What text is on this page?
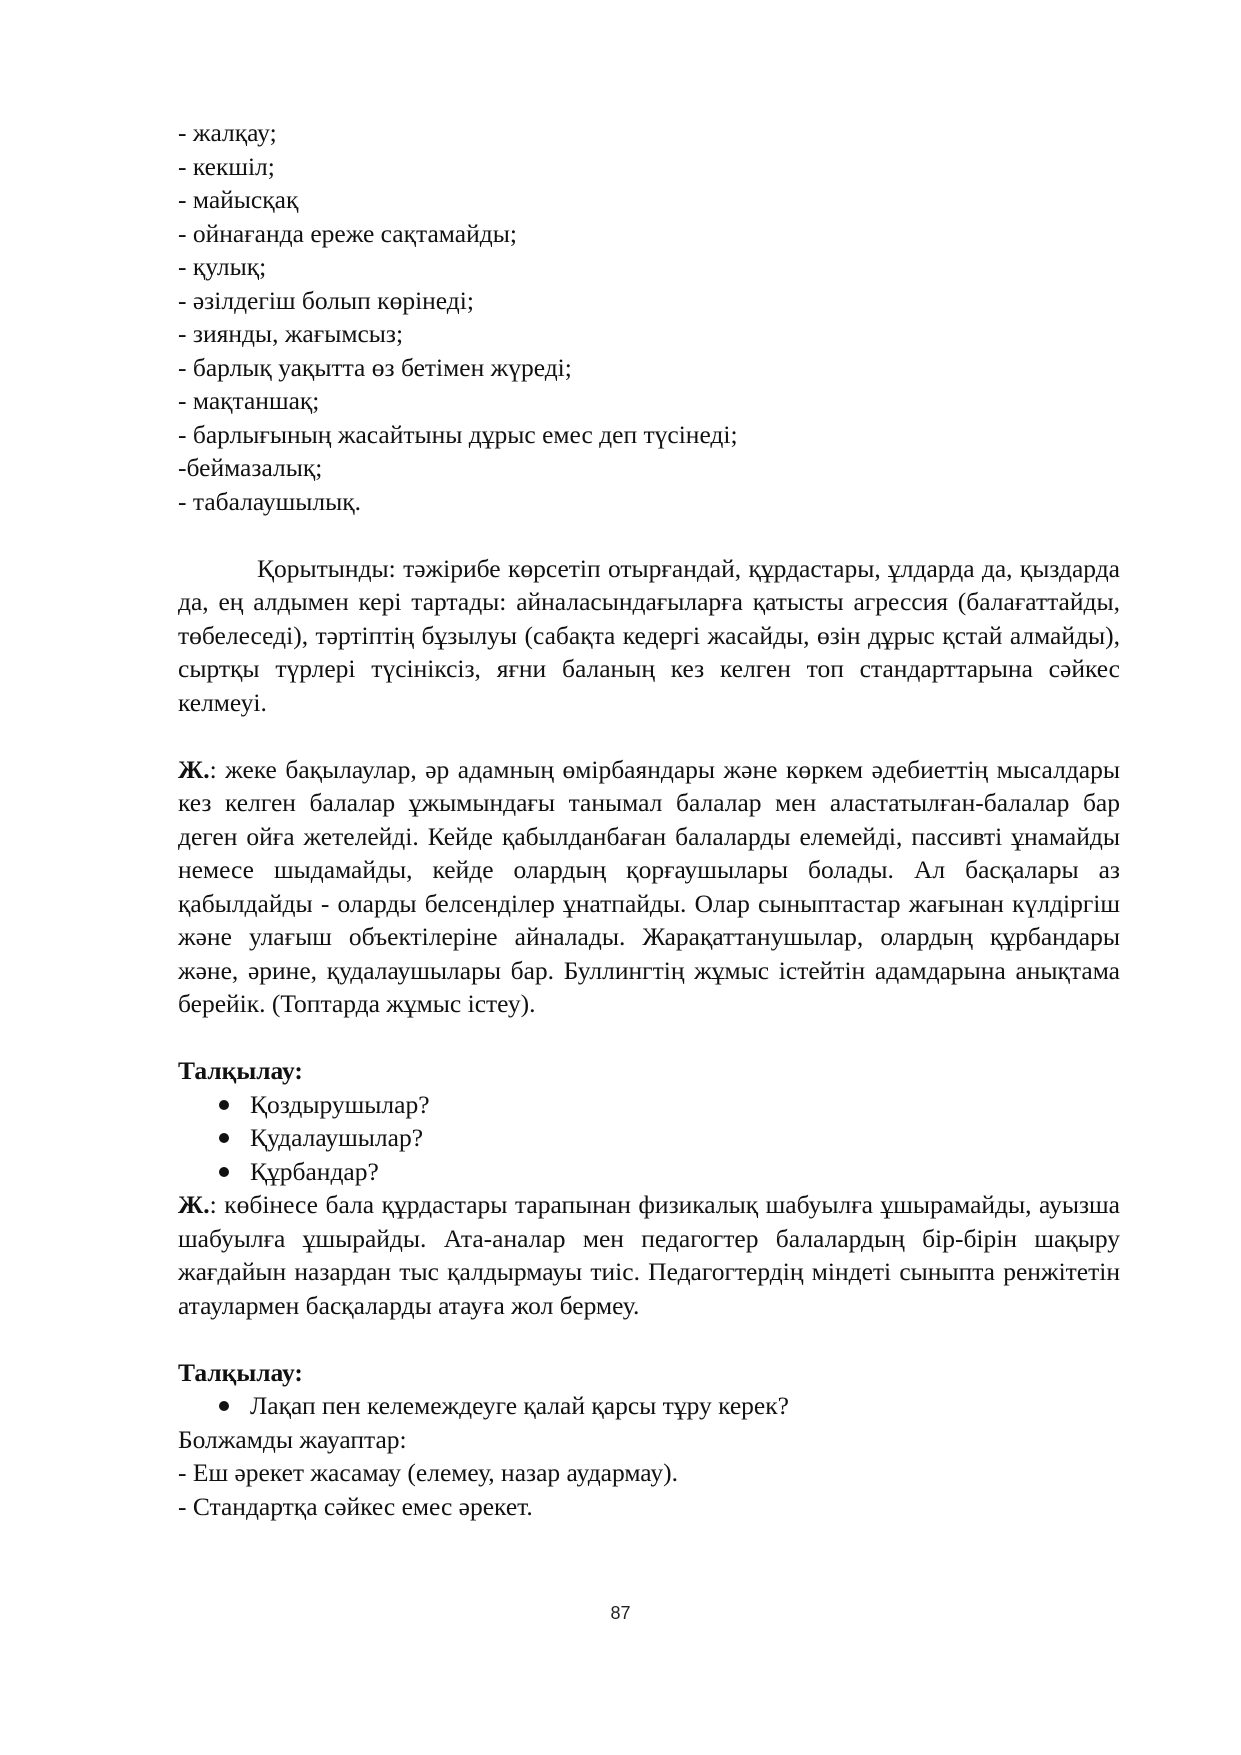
- жалқау;
- кекшіл;
- майысқақ
- ойнағанда ереже сақтамайды;
- қулық;
- әзілдегіш болып көрінеді;
- зиянды, жағымсыз;
- барлық уақытта өз бетімен жүреді;
- мақтаншақ;
- барлығының жасайтыны дұрыс емес деп түсінеді;
-беймазалық;
- табалаушылық.
Қорытынды: тәжірибе көрсетіп отырғандай, құрдастары, ұлдарда да, қыздарда да, ең алдымен кері тартады: айналасындағыларға қатысты агрессия (балағаттайды, төбелеседі), тәртіптің бұзылуы (сабақта кедергі жасайды, өзін дұрыс қстай алмайды), сыртқы түрлері түсініксіз, яғни баланың кез келген топ стандарттарына сәйкес келмеуі.
Ж.: жеке бақылаулар, әр адамның өмірбаяндары және көркем әдебиеттің мысалдары кез келген балалар ұжымындағы танымал балалар мен аластатылған-балалар бар деген ойға жетелейді. Кейде қабылданбаған балаларды елемейді, пассивті ұнамайды немесе шыдамайды, кейде олардың қорғаушылары болады. Ал басқалары аз қабылдайды - оларды белсенділер ұнатпайды. Олар сыныптастар жағынан күлдіргіш және улағыш объектілеріне айналады. Жарақаттанушылар, олардың құрбандары және, әрине, қудалаушылары бар. Буллингтің жұмыс істейтін адамдарына анықтама берейік. (Топтарда жұмыс істеу).
Талқылау:
Қоздырушылар?
Қудалаушылар?
Құрбандар?
Ж.: көбінесе бала құрдастары тарапынан физикалық шабуылға ұшырамайды, ауызша шабуылға ұшырайды. Ата-аналар мен педагогтер балалардың бір-бірін шақыру жағдайын назардан тыс қалдырмауы тиіс. Педагогтердің міндеті сыныпта ренжітетін атаулармен басқаларды атауға жол бермеу.
Талқылау:
Лақап пен келемеждеуге қалай қарсы тұру керек?
Болжамды жауаптар:
- Еш әрекет жасамау (елемеу, назар аудармау).
- Стандартқа сәйкес емес әрекет.
87
